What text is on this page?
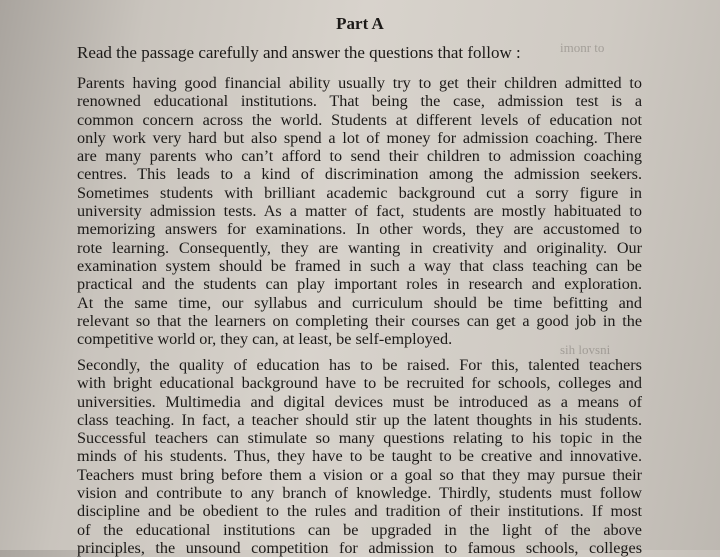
imonr to
sih lovsni
Part A
Read the passage carefully and answer the questions that follow :
Parents having good financial ability usually try to get their children admitted to
renowned educational institutions. That being the case, admission test is a
common concern across the world. Students at different levels of education not
only work very hard but also spend a lot of money for admission coaching. There
are many parents who can’t afford to send their children to admission coaching
centres. This leads to a kind of discrimination among the admission seekers.
Sometimes students with brilliant academic background cut a sorry figure in
university admission tests. As a matter of fact, students are mostly habituated to
memorizing answers for examinations. In other words, they are accustomed to
rote learning. Consequently, they are wanting in creativity and originality. Our
examination system should be framed in such a way that class teaching can be
practical and the students can play important roles in research and exploration.
At the same time, our syllabus and curriculum should be time befitting and
relevant so that the learners on completing their courses can get a good job in the
competitive world or, they can, at least, be self-employed.
Secondly, the quality of education has to be raised. For this, talented teachers
with bright educational background have to be recruited for schools, colleges and
universities. Multimedia and digital devices must be introduced as a means of
class teaching. In fact, a teacher should stir up the latent thoughts in his students.
Successful teachers can stimulate so many questions relating to his topic in the
minds of his students. Thus, they have to be taught to be creative and innovative.
Teachers must bring before them a vision or a goal so that they may pursue their
vision and contribute to any branch of knowledge. Thirdly, students must follow
discipline and be obedient to the rules and tradition of their institutions. If most
of the educational institutions can be upgraded in the light of the above
principles, the unsound competition for admission to famous schools, colleges
